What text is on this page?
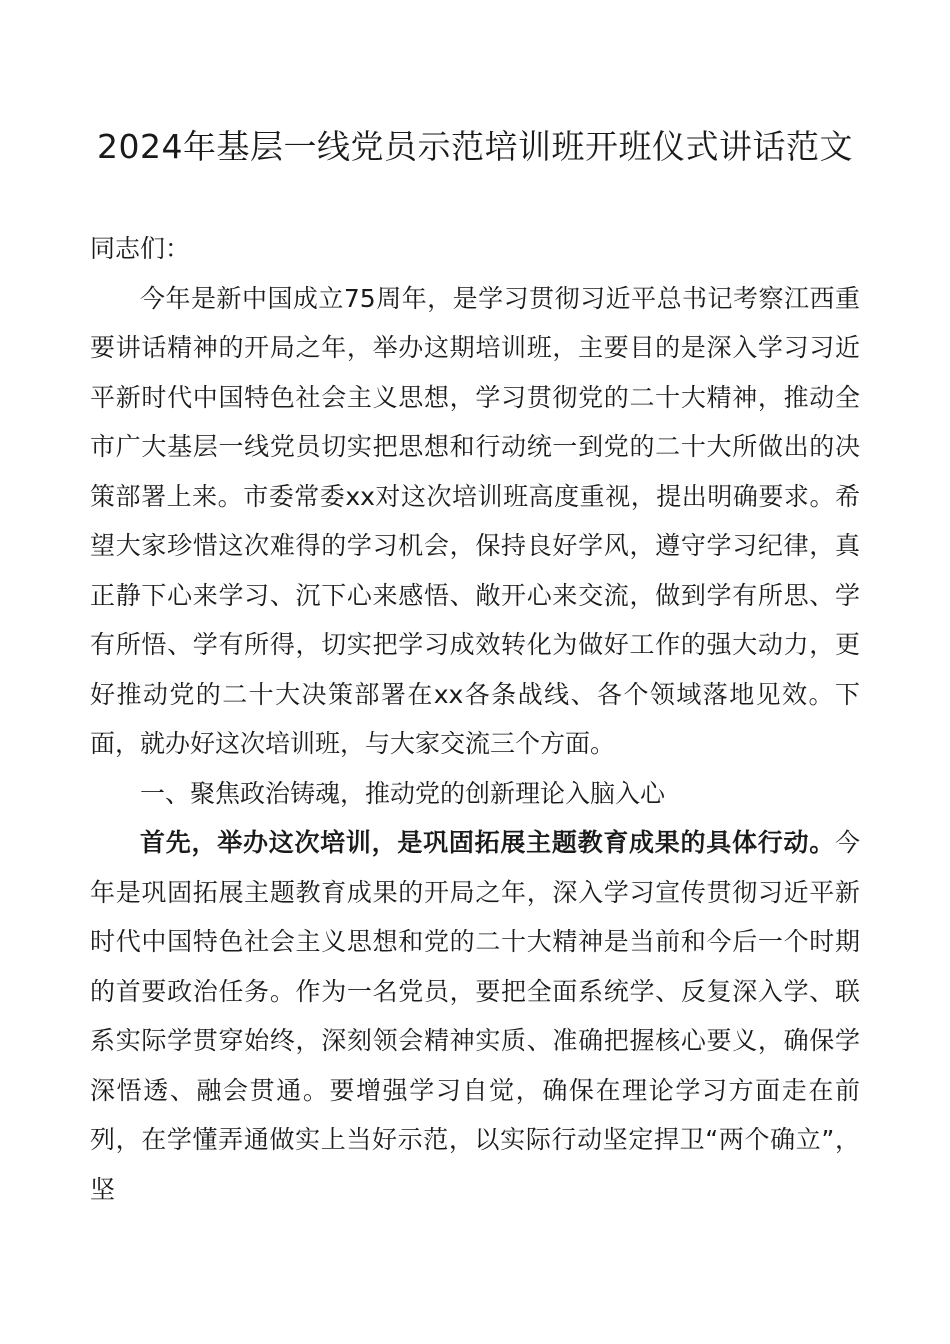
2024年基层一线党员示范培训班开班仪式讲话范文

同志们：

今年是新中国成立75周年，是学习贯彻习近平总书记考察江西重要讲话精神的开局之年，举办这期培训班，主要目的是深入学习习近平新时代中国特色社会主义思想，学习贯彻党的二十大精神，推动全市广大基层一线党员切实把思想和行动统一到党的二十大所做出的决策部署上来。市委常委xx对这次培训班高度重视，提出明确要求。希望大家珍惜这次难得的学习机会，保持良好学风，遵守学习纪律，真正静下心来学习、沉下心来感悟、敞开心来交流，做到学有所思、学有所悟、学有所得，切实把学习成效转化为做好工作的强大动力，更好推动党的二十大决策部署在xx各条战线、各个领域落地见效。下面，就办好这次培训班，与大家交流三个方面。

一、聚焦政治铸魂，推动党的创新理论入脑入心

首先，举办这次培训，是巩固拓展主题教育成果的具体行动。今年是巩固拓展主题教育成果的开局之年，深入学习宣传贯彻习近平新时代中国特色社会主义思想和党的二十大精神是当前和今后一个时期的首要政治任务。作为一名党员，要把全面系统学、反复深入学、联系实际学贯穿始终，深刻领会精神实质、准确把握核心要义，确保学深悟透、融会贯通。要增强学习自觉，确保在理论学习方面走在前列，在学懂弄通做实上当好示范，以实际行动坚定捍卫“两个确立”，坚
